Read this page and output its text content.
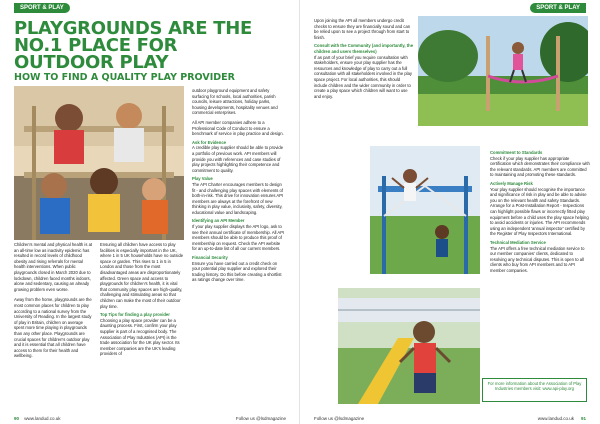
SPORT & PLAY
PLAYGROUNDS ARE THE NO.1 PLACE FOR OUTDOOR PLAY
HOW TO FIND A QUALITY PLAY PROVIDER

Children's mental and physical health is at an all-time low as inactivity epidemic has resulted in record levels of childhood obesity and rising referrals for mental health interventions. When public playgrounds closed in March 2020 due to lockdown, children faced months indoors, alone and sedentary, causing an already growing problem even worse.

Away from the home, playgrounds are the most common places for children to play according to a national survey from the University of Reading. In the largest study of play in Britain, children on average spent more time playing in playgrounds than any other place. Playgrounds are crucial spaces for children's outdoor play and it is essential that all children have access to them for their health and wellbeing.

Ensuring all children have access to play facilities is especially important in the UK, where 1 in 5 UK households have no outside space or garden. This rises to 1 in 5 in London and those from the most disadvantaged areas are disproportionately affected. Green space and access to playgrounds for children's health, it is vital that community play spaces are high-quality, challenging and stimulating areas so that children can make the most of their outdoor play time.

Top Tips for finding a play provider

Choosing a play space provider can be a daunting process. First, confirm your play supplier is part of a recognised body. The Association of Play Industries (API) is the trade association for the UK play sector. Its member companies are the UK's leading providers of

outdoor playground equipment and safety surfacing for schools, local authorities, parish councils, leisure attractions, holiday parks, housing developments, hospitality venues and commercial enterprises.

All API member companies adhere to a Professional Code of Conduct to ensure a benchmark of service in play practice and design.

Ask for Evidence

A credible play supplier should be able to provide a portfolio of previous work. API members will provide you with references and case studies of play projects highlighting their competence and commitment to quality.

Play Value

The API Charter encourages members to design fit - and challenging play spaces with elements of both-in-risk. This drive for innovation ensures API members are always at the forefront of new thinking in play value, inclusivity, safety, diversity, educational value and landscaping.

Identifying an API Member

If your play supplier displays the API logo, ask to see their annual certificate of membership. All API members should be able to produce this proof of membership on request. Check the API website for an up-to-date list of all our current members.

Financial Security

Ensure you have carried out a credit check on your potential play supplier and explored their trading history. Do this before creating a shortlist as ratings change over time.

90 www.landud.co.uk	Follow us @lsdmagazine
SPORT & PLAY

Upon joining the API all members undergo credit checks to ensure they are financially sound and can be relied upon to see a project through from start to finish.

Consult with the Community (and importantly, the children and users themselves)

If as part of your brief you require consultation with stakeholders, ensure your play supplier has the resources and knowledge of play to carry out a full consultation with all stakeholders involved in the play space project. For local authorities, this should include children and the wider community in order to create a play space which children will want to use and enjoy.

Commitment to Standards

Check if your play supplier has appropriate certification which demonstrates their compliance with the relevant standards. API members are committed to maintaining and promoting these standards.

Actively Manage Risk

Your play supplier should recognise the importance and significance of risk in play and be able to advise you on the relevant health and safety Standards. Arrange for a Post-Installation Report - Inspections can highlight possible flaws or incorrectly fitted play equipment before a child uses the play space helping to avoid accidents or injuries. The API recommends using an independent 'annual inspector' certified by the Register of Play Inspectors International.

Technical Mediation Service

The API offers a free technical mediation service to our member companies' clients, dedicated to resolving any technical disputes. This is open to all clients who buy from API members and to API member companies.

For more information about the Association of Play Industries members visit: www.api-play.org
Follow us @lsdmagazine	www.landud.co.uk 91
